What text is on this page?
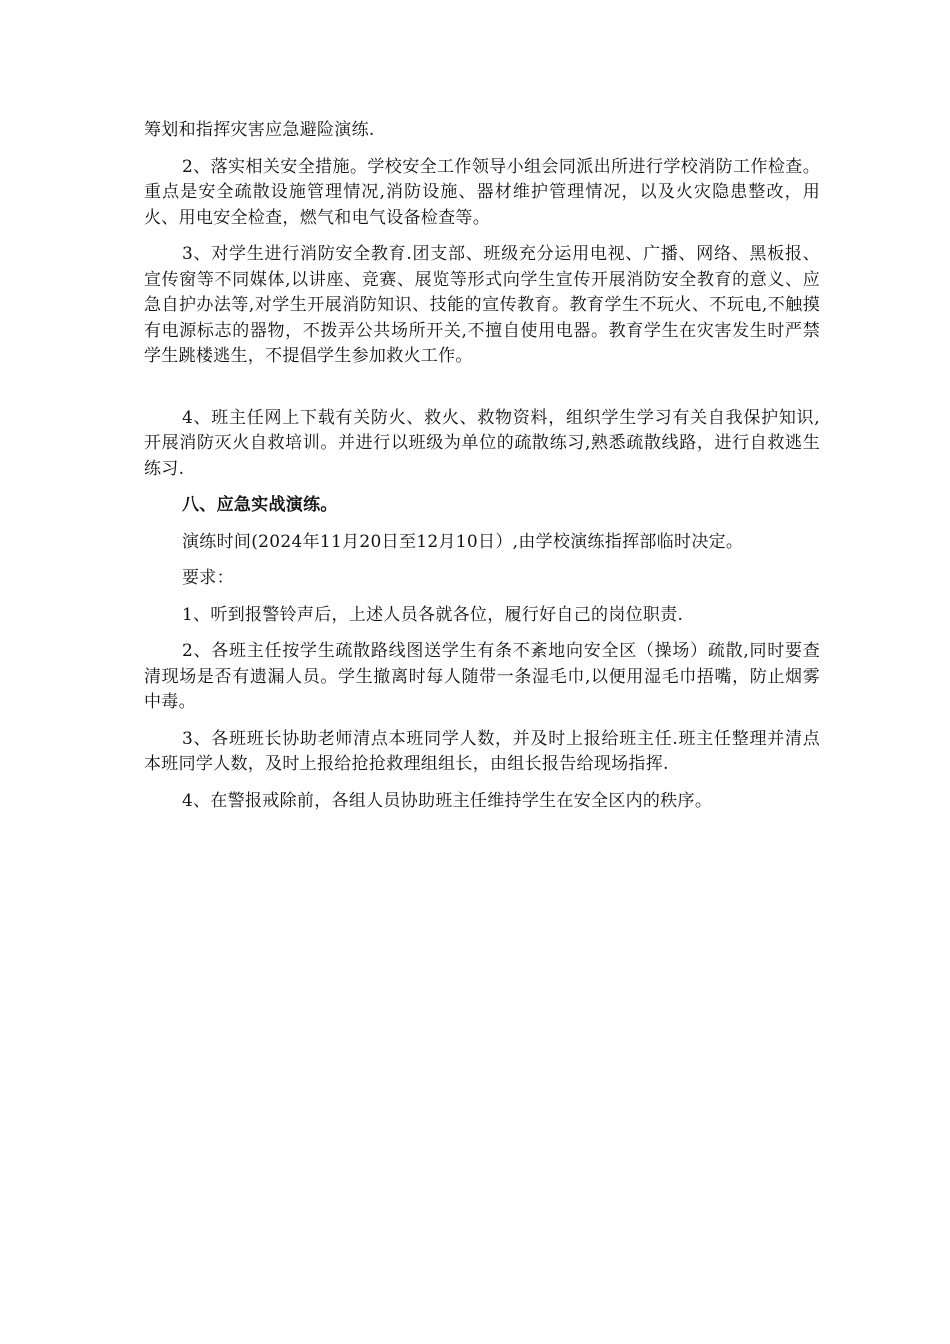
筹划和指挥灾害应急避险演练.

2、落实相关安全措施。学校安全工作领导小组会同派出所进行学校消防工作检查。重点是安全疏散设施管理情况,消防设施、器材维护管理情况，以及火灾隐患整改，用火、用电安全检查，燃气和电气设备检查等。

3、对学生进行消防安全教育.团支部、班级充分运用电视、广播、网络、黑板报、宣传窗等不同媒体,以讲座、竞赛、展览等形式向学生宣传开展消防安全教育的意义、应急自护办法等,对学生开展消防知识、技能的宣传教育。教育学生不玩火、不玩电,不触摸有电源标志的器物，不拨弄公共场所开关,不擅自使用电器。教育学生在灾害发生时严禁学生跳楼逃生，不提倡学生参加救火工作。

4、班主任网上下载有关防火、救火、救物资料，组织学生学习有关自我保护知识,开展消防灭火自救培训。并进行以班级为单位的疏散练习,熟悉疏散线路，进行自救逃生练习.

八、应急实战演练。

演练时间(2024年11月20日至12月10日）,由学校演练指挥部临时决定。

要求：

1、听到报警铃声后，上述人员各就各位，履行好自己的岗位职责.

2、各班主任按学生疏散路线图送学生有条不紊地向安全区（操场）疏散,同时要查清现场是否有遗漏人员。学生撤离时每人随带一条湿毛巾,以便用湿毛巾捂嘴，防止烟雾中毒。

3、各班班长协助老师清点本班同学人数，并及时上报给班主任.班主任整理并清点本班同学人数，及时上报给抢抢救理组组长，由组长报告给现场指挥.

4、在警报戒除前，各组人员协助班主任维持学生在安全区内的秩序。
